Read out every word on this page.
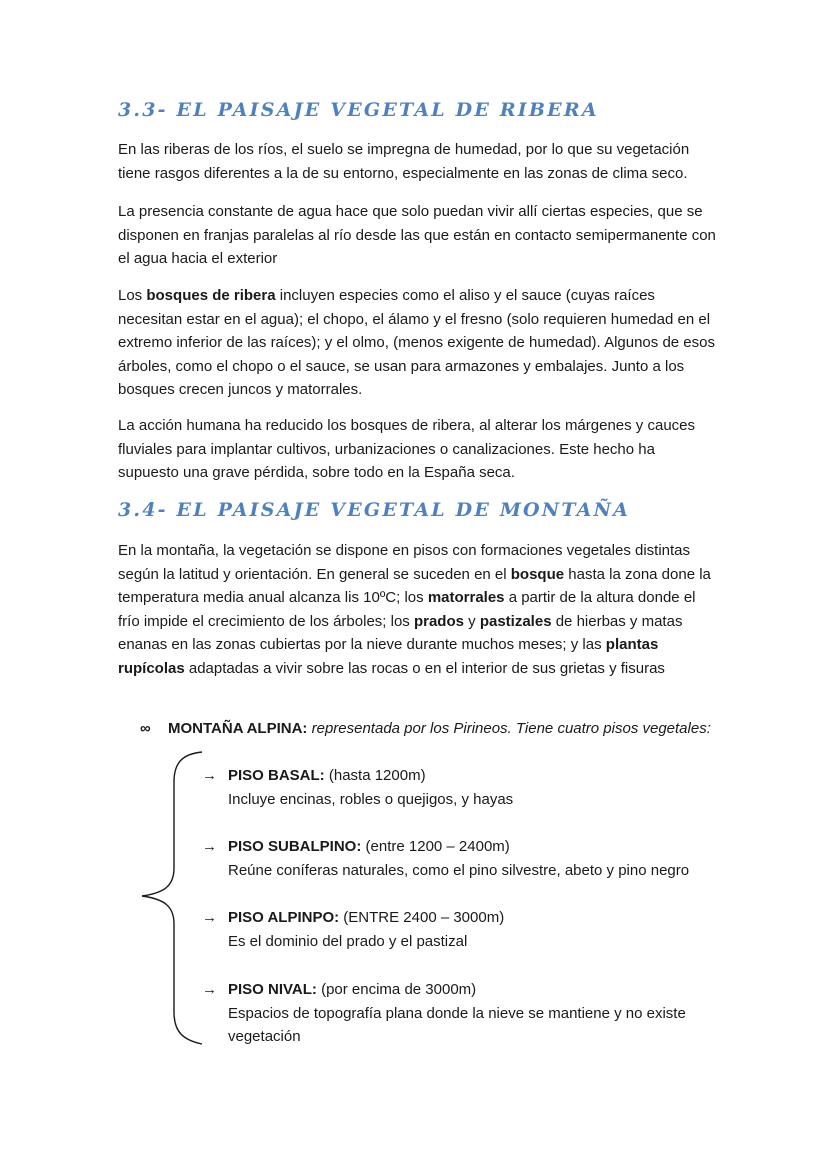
3.3- EL PAISAJE VEGETAL DE RIBERA

En las riberas de los ríos, el suelo se impregna de humedad, por lo que su vegetación tiene rasgos diferentes a la de su entorno, especialmente en las zonas de clima seco.

La presencia constante de agua hace que solo puedan vivir allí ciertas especies, que se disponen en franjas paralelas al río desde las que están en contacto semipermanente con el agua hacia el exterior

Los bosques de ribera incluyen especies como el aliso y el sauce (cuyas raíces necesitan estar en el agua); el chopo, el álamo y el fresno (solo requieren humedad en el extremo inferior de las raíces); y el olmo, (menos exigente de humedad). Algunos de esos árboles, como el chopo o el sauce, se usan para armazones y embalajes. Junto a los bosques crecen juncos y matorrales.

La acción humana ha reducido los bosques de ribera, al alterar los márgenes y cauces fluviales para implantar cultivos, urbanizaciones o canalizaciones. Este hecho ha supuesto una grave pérdida, sobre todo en la España seca.

3.4- EL PAISAJE VEGETAL DE MONTAÑA

En la montaña, la vegetación se dispone en pisos con formaciones vegetales distintas según la latitud y orientación. En general se suceden en el bosque hasta la zona done la temperatura media anual alcanza lis 10ºC; los matorrales a partir de la altura donde el frío impide el crecimiento de los árboles; los prados y pastizales de hierbas y matas enanas en las zonas cubiertas por la nieve durante muchos meses; y las plantas rupícolas adaptadas a vivir sobre las rocas o en el interior de sus grietas y fisuras

∞ MONTAÑA ALPINA: representada por los Pirineos. Tiene cuatro pisos vegetales:
→ PISO BASAL: (hasta 1200m)
Incluye encinas, robles o quejigos, y hayas
→ PISO SUBALPINO: (entre 1200 – 2400m)
Reúne coníferas naturales, como el pino silvestre, abeto y pino negro
→ PISO ALPINPO: (ENTRE 2400 – 3000m)
Es el dominio del prado y el pastizal
→ PISO NIVAL: (por encima de 3000m)
Espacios de topografía plana donde la nieve se mantiene y no existe vegetación
